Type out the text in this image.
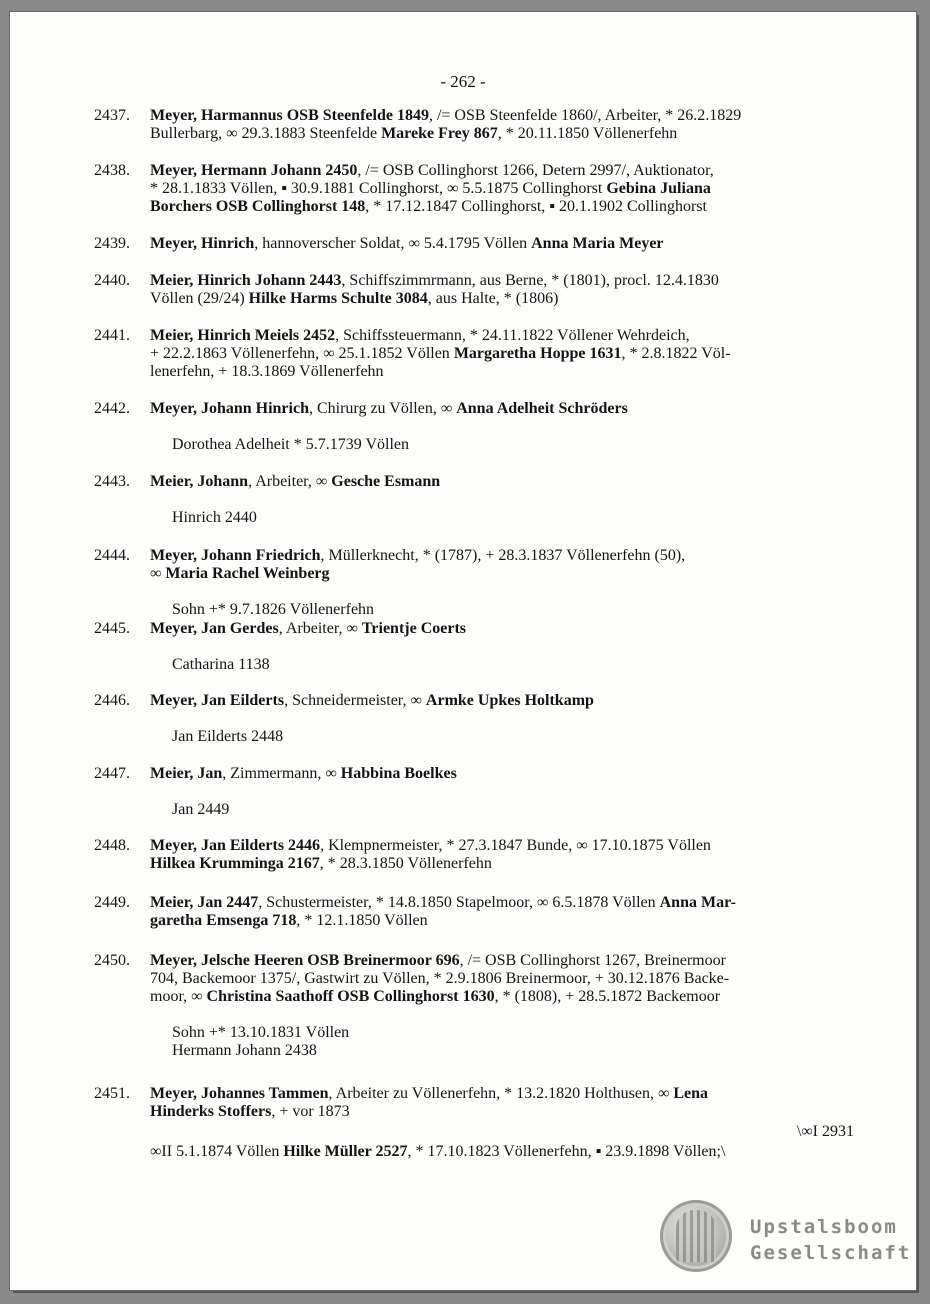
- 262 -
2437.	Meyer, Harmannus OSB Steenfelde 1849, /= OSB Steenfelde 1860/, Arbeiter, * 26.2.1829
Bullerbarg, ∞ 29.3.1883 Steenfelde Mareke Frey 867, * 20.11.1850 Völlenerfehn
2438.	Meyer, Hermann Johann 2450, /= OSB Collinghorst 1266, Detern 2997/, Auktionator,
* 28.1.1833 Völlen, ▪ 30.9.1881 Collinghorst, ∞ 5.5.1875 Collinghorst Gebina Juliana
Borchers OSB Collinghorst 148, * 17.12.1847 Collinghorst, ▪ 20.1.1902 Collinghorst
2439.	Meyer, Hinrich, hannoverscher Soldat, ∞ 5.4.1795 Völlen Anna Maria Meyer
2440.	Meier, Hinrich Johann 2443, Schiffszimmrmann, aus Berne, * (1801), procl. 12.4.1830
Völlen (29/24) Hilke Harms Schulte 3084, aus Halte, * (1806)
2441.	Meier, Hinrich Meiels 2452, Schiffssteuermann, * 24.11.1822 Völlener Wehrdeich,
+ 22.2.1863 Völlenerfehn, ∞ 25.1.1852 Völlen Margaretha Hoppe 1631, * 2.8.1822 Völ-
lenerfehn, + 18.3.1869 Völlenerfehn
2442.	Meyer, Johann Hinrich, Chirurg zu Völlen, ∞ Anna Adelheit Schröders
Dorothea Adelheit * 5.7.1739 Völlen
2443.	Meier, Johann, Arbeiter, ∞ Gesche Esmann
Hinrich 2440
2444.	Meyer, Johann Friedrich, Müllerknecht, * (1787), + 28.3.1837 Völlenerfehn (50),
∞ Maria Rachel Weinberg
Sohn +* 9.7.1826 Völlenerfehn
2445.	Meyer, Jan Gerdes, Arbeiter, ∞ Trientje Coerts
Catharina 1138
2446.	Meyer, Jan Eilderts, Schneidermeister, ∞ Armke Upkes Holtkamp
Jan Eilderts 2448
2447.	Meier, Jan, Zimmermann, ∞ Habbina Boelkes
Jan 2449
2448.	Meyer, Jan Eilderts 2446, Klempnermeister, * 27.3.1847 Bunde, ∞ 17.10.1875 Völlen
Hilkea Krumminga 2167, * 28.3.1850 Völlenerfehn
2449.	Meier, Jan 2447, Schustermeister, * 14.8.1850 Stapelmoor, ∞ 6.5.1878 Völlen Anna Mar-
garetha Emsenga 718, * 12.1.1850 Völlen
2450.	Meyer, Jelsche Heeren OSB Breinermoor 696, /= OSB Collinghorst 1267, Breinermoor
704, Backemoor 1375/, Gastwirt zu Völlen, * 2.9.1806 Breinermoor, + 30.12.1876 Backe-
moor, ∞ Christina Saathoff OSB Collinghorst 1630, * (1808), + 28.5.1872 Backemoor
Sohn +* 13.10.1831 Völlen
Hermann Johann 2438
2451.	Meyer, Johannes Tammen, Arbeiter zu Völlenerfehn, * 13.2.1820 Holthusen, ∞ Lena
Hinderks Stoffers, + vor 1873
\∞I 2931
∞II 5.1.1874 Völlen Hilke Müller 2527, * 17.10.1823 Völlenerfehn, ▪ 23.9.1898 Völlen;\
Upstalsboom
Gesellschaft
